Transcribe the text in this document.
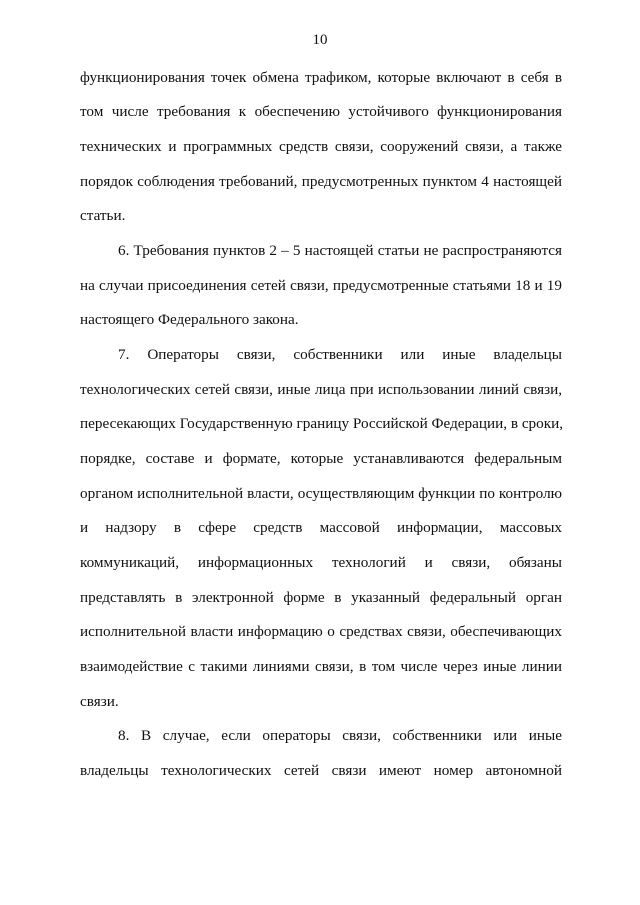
10
функционирования точек обмена трафиком, которые включают в себя в
том числе требования к обеспечению устойчивого функционирования
технических и программных средств связи, сооружений связи, а также
порядок соблюдения требований, предусмотренных пунктом 4 настоящей
статьи.
6. Требования пунктов 2 – 5 настоящей статьи не распространяются
на случаи присоединения сетей связи, предусмотренные статьями 18 и 19
настоящего Федерального закона.
7. Операторы связи, собственники или иные владельцы
технологических сетей связи, иные лица при использовании линий связи,
пересекающих Государственную границу Российской Федерации, в сроки,
порядке, составе и формате, которые устанавливаются федеральным
органом исполнительной власти, осуществляющим функции по контролю
и надзору в сфере средств массовой информации, массовых
коммуникаций, информационных технологий и связи, обязаны
представлять в электронной форме в указанный федеральный орган
исполнительной власти информацию о средствах связи, обеспечивающих
взаимодействие с такими линиями связи, в том числе через иные линии
связи.
8. В случае, если операторы связи, собственники или иные
владельцы технологических сетей связи имеют номер автономной
